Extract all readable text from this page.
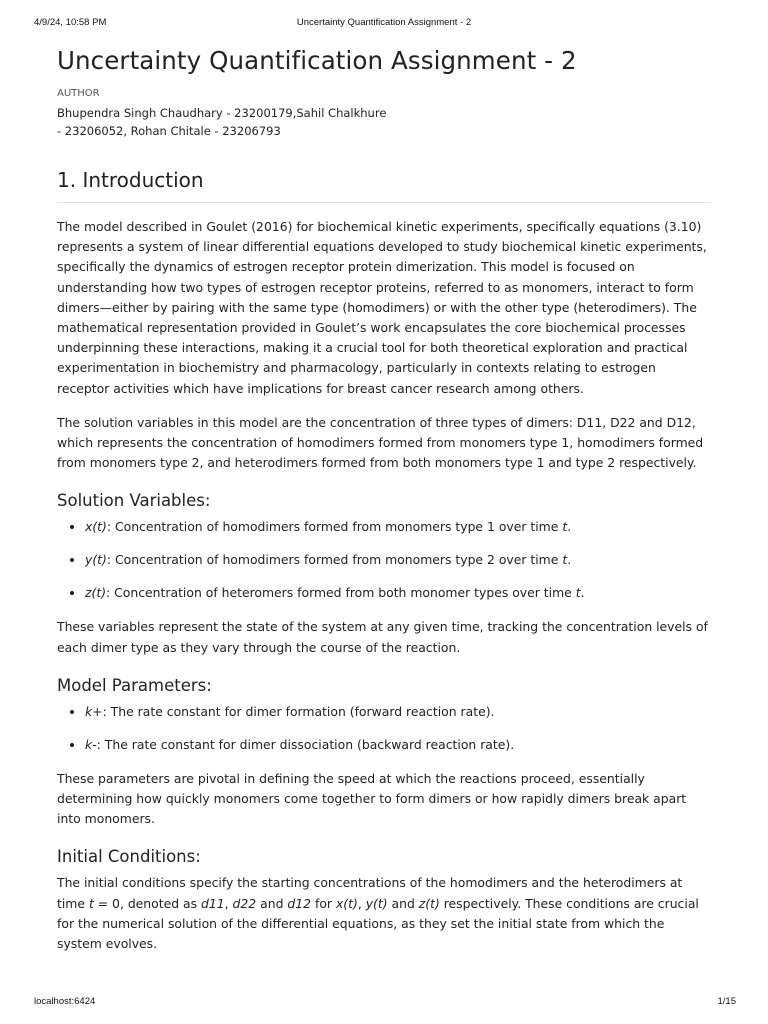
4/9/24, 10:58 PM	Uncertainty Quantification Assignment - 2
Uncertainty Quantification Assignment - 2
AUTHOR
Bhupendra Singh Chaudhary - 23200179,Sahil Chalkhure - 23206052, Rohan Chitale - 23206793
1. Introduction

The model described in Goulet (2016) for biochemical kinetic experiments, specifically equations (3.10) represents a system of linear differential equations developed to study biochemical kinetic experiments, specifically the dynamics of estrogen receptor protein dimerization. This model is focused on understanding how two types of estrogen receptor proteins, referred to as monomers, interact to form dimers—either by pairing with the same type (homodimers) or with the other type (heterodimers). The mathematical representation provided in Goulet’s work encapsulates the core biochemical processes underpinning these interactions, making it a crucial tool for both theoretical exploration and practical experimentation in biochemistry and pharmacology, particularly in contexts relating to estrogen receptor activities which have implications for breast cancer research among others.

The solution variables in this model are the concentration of three types of dimers: D11, D22 and D12, which represents the concentration of homodimers formed from monomers type 1, homodimers formed from monomers type 2, and heterodimers formed from both monomers type 1 and type 2 respectively.

Solution Variables:
• x(t): Concentration of homodimers formed from monomers type 1 over time t.
• y(t): Concentration of homodimers formed from monomers type 2 over time t.
• z(t): Concentration of heteromers formed from both monomer types over time t.

These variables represent the state of the system at any given time, tracking the concentration levels of each dimer type as they vary through the course of the reaction.

Model Parameters:
• k+: The rate constant for dimer formation (forward reaction rate).
• k-: The rate constant for dimer dissociation (backward reaction rate).

These parameters are pivotal in defining the speed at which the reactions proceed, essentially determining how quickly monomers come together to form dimers or how rapidly dimers break apart into monomers.

Initial Conditions:

The initial conditions specify the starting concentrations of the homodimers and the heterodimers at time t = 0, denoted as d11, d22 and d12 for x(t), y(t) and z(t) respectively. These conditions are crucial for the numerical solution of the differential equations, as they set the initial state from which the system evolves.

localhost:6424	1/15
